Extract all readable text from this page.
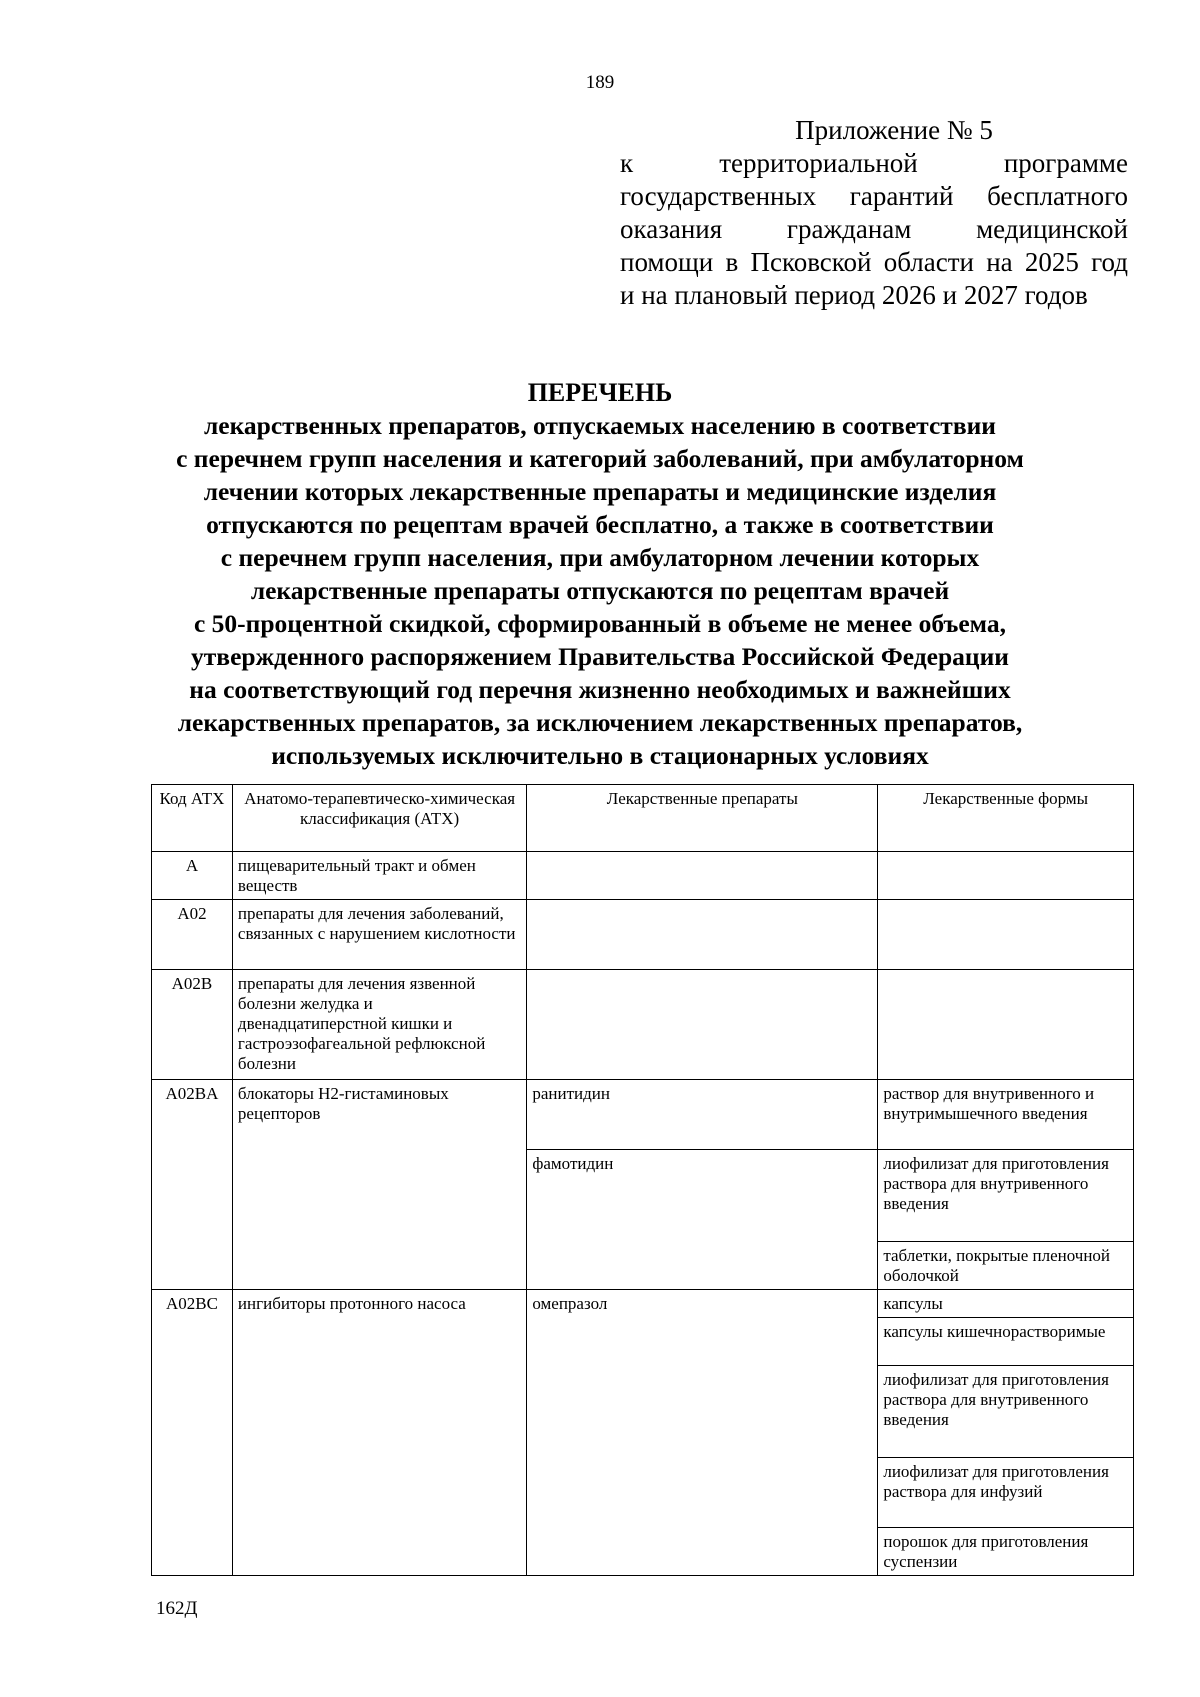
189
Приложение № 5
к территориальной программе
государственных гарантий бесплатного
оказания гражданам медицинской
помощи в Псковской области на 2025 год
и на плановый период 2026 и 2027 годов
ПЕРЕЧЕНЬ
лекарственных препаратов, отпускаемых населению в соответствии
с перечнем групп населения и категорий заболеваний, при амбулаторном
лечении которых лекарственные препараты и медицинские изделия
отпускаются по рецептам врачей бесплатно, а также в соответствии
с перечнем групп населения, при амбулаторном лечении которых
лекарственные препараты отпускаются по рецептам врачей
с 50-процентной скидкой, сформированный в объеме не менее объема,
утвержденного распоряжением Правительства Российской Федерации
на соответствующий год перечня жизненно необходимых и важнейших
лекарственных препаратов, за исключением лекарственных препаратов,
используемых исключительно в стационарных условиях
Код АТХ	Анатомо-терапевтическо-химическая классификация (АТХ)	Лекарственные препараты	Лекарственные формы
A	пищеварительный тракт и обмен веществ		
A02	препараты для лечения заболеваний, связанных с нарушением кислотности		
A02B	препараты для лечения язвенной болезни желудка и двенадцатиперстной кишки и гастроэзофагеальной рефлюксной болезни		
A02BA	блокаторы H2-гистаминовых рецепторов	ранитидин	раствор для внутривенного и внутримышечного введения
		фамотидин	лиофилизат для приготовления раствора для внутривенного введения
			таблетки, покрытые пленочной оболочкой
A02BC	ингибиторы протонного насоса	омепразол	капсулы
			капсулы кишечнорастворимые
			лиофилизат для приготовления раствора для внутривенного введения
			лиофилизат для приготовления раствора для инфузий
			порошок для приготовления суспензии
162Д
